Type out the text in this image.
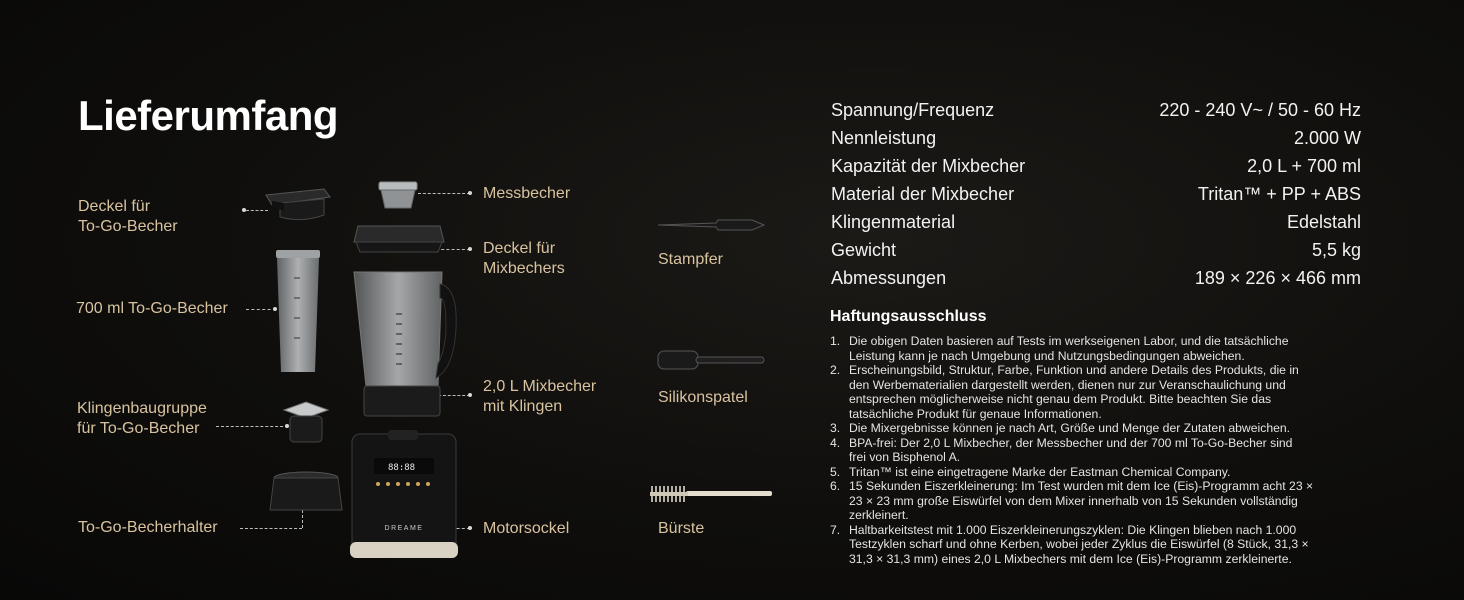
Lieferumfang
Deckel für
To-Go-Becher
700 ml To-Go-Becher
Klingenbaugruppe
für To-Go-Becher
To-Go-Becherhalter
Messbecher
Deckel für
Mixbechers
2,0 L Mixbecher
mit Klingen
Motorsockel
Stampfer
Silikonspatel
Bürste
88:88
DREAME
Spannung/Frequenz	220 - 240 V~ / 50 - 60 Hz
Nennleistung	2.000 W
Kapazität der Mixbecher	2,0 L + 700 ml
Material der Mixbecher	Tritan™ + PP + ABS
Klingenmaterial	Edelstahl
Gewicht	5,5 kg
Abmessungen	189 × 226 × 466 mm
Haftungsausschluss
1. Die obigen Daten basieren auf Tests im werkseigenen Labor, und die tatsächliche
Leistung kann je nach Umgebung und Nutzungsbedingungen abweichen.
2. Erscheinungsbild, Struktur, Farbe, Funktion und andere Details des Produkts, die in
den Werbematerialien dargestellt werden, dienen nur zur Veranschaulichung und
entsprechen möglicherweise nicht genau dem Produkt. Bitte beachten Sie das
tatsächliche Produkt für genaue Informationen.
3. Die Mixergebnisse können je nach Art, Größe und Menge der Zutaten abweichen.
4. BPA-frei: Der 2,0 L Mixbecher, der Messbecher und der 700 ml To-Go-Becher sind
frei von Bisphenol A.
5. Tritan™ ist eine eingetragene Marke der Eastman Chemical Company.
6. 15 Sekunden Eiszerkleinerung: Im Test wurden mit dem Ice (Eis)-Programm acht 23 ×
23 × 23 mm große Eiswürfel von dem Mixer innerhalb von 15 Sekunden vollständig
zerkleinert.
7. Haltbarkeitstest mit 1.000 Eiszerkleinerungszyklen: Die Klingen blieben nach 1.000
Testzyklen scharf und ohne Kerben, wobei jeder Zyklus die Eiswürfel (8 Stück, 31,3 ×
31,3 × 31,3 mm) eines 2,0 L Mixbechers mit dem Ice (Eis)-Programm zerkleinerte.
